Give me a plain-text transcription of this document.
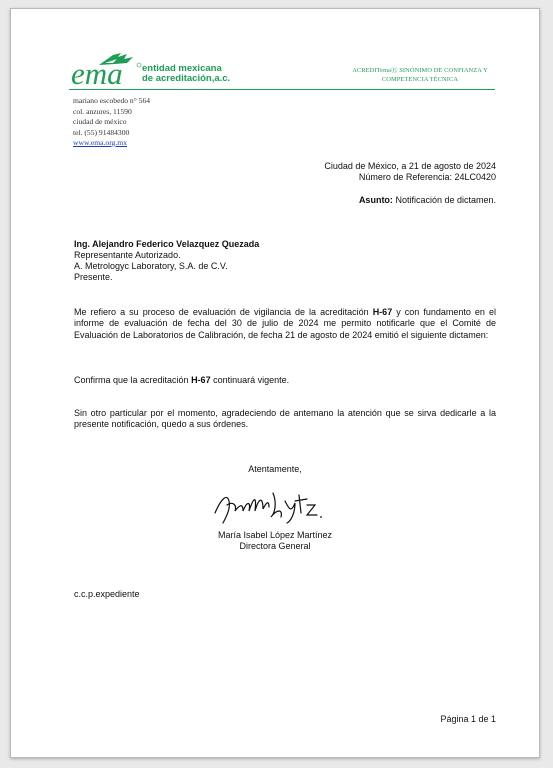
ema entidad mexicana
de acreditación,a.c.
ACREDITemaⓇ SINÓNIMO DE CONFIANZA Y
COMPETENCIA TÉCNICA
mariano escobedo n° 564
col. anzures, 11590
ciudad de méxico
tel. (55) 91484300
www.ema.org.mx
Ciudad de México, a 21 de agosto de 2024
Número de Referencia: 24LC0420
Asunto: Notificación de dictamen.
Ing. Alejandro Federico Velazquez Quezada
Representante Autorizado.
A. Metrologyc Laboratory, S.A. de C.V.
Presente.
Me refiero a su proceso de evaluación de vigilancia de la acreditación H-67 y con fundamento en el informe de evaluación de fecha del 30 de julio de 2024 me permito notificarle que el Comité de Evaluación de Laboratorios de Calibración, de fecha 21 de agosto de 2024 emitió el siguiente dictamen:
Confirma que la acreditación H-67 continuará vigente.
Sin otro particular por el momento, agradeciendo de antemano la atención que se sirva dedicarle a la presente notificación, quedo a sus órdenes.
Atentamente,
María Isabel López Martínez
Directora General
c.c.p.expediente
Página 1 de 1
